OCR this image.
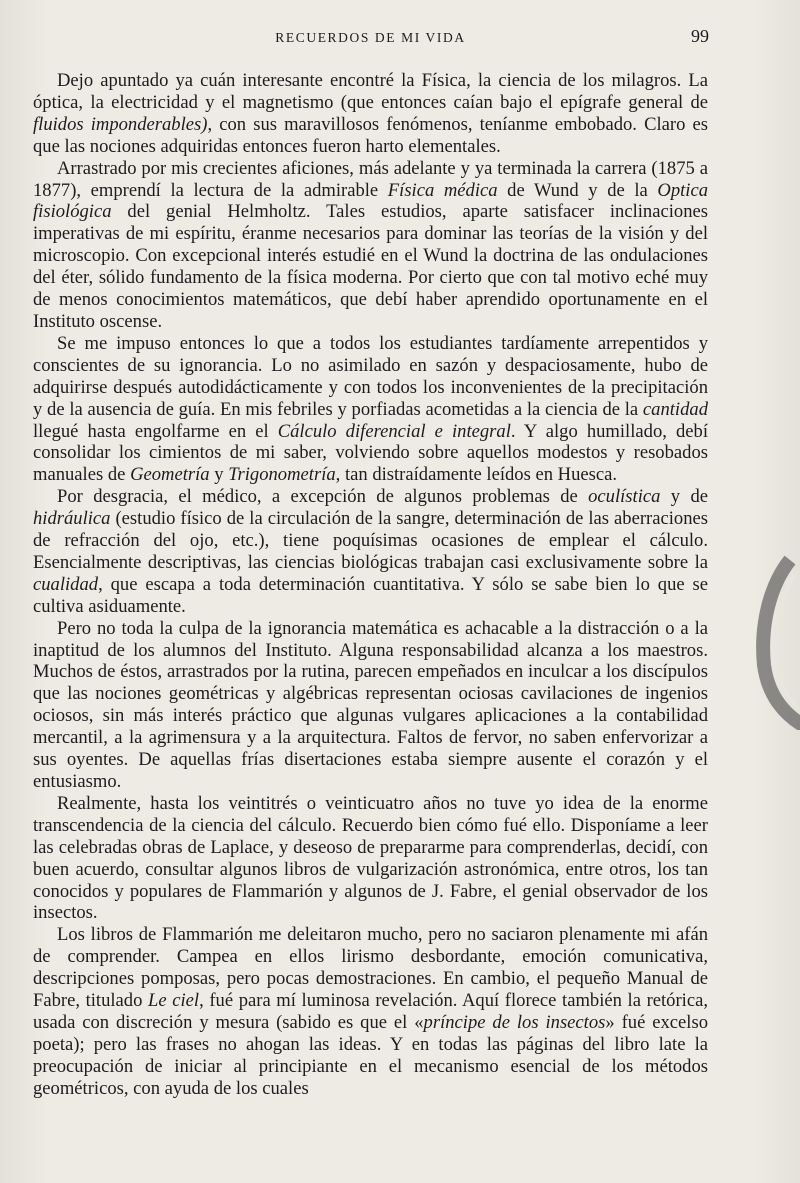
RECUERDOS DE MI VIDA	99

Dejo apuntado ya cuán interesante encontré la Física, la ciencia de los milagros. La óptica, la electricidad y el magnetismo (que entonces caían bajo el epígrafe general de fluidos imponderables), con sus maravillosos fenómenos, teníanme embobado. Claro es que las nociones adquiridas entonces fueron harto elementales.

Arrastrado por mis crecientes aficiones, más adelante y ya terminada la carrera (1875 a 1877), emprendí la lectura de la admirable Física médica de Wund y de la Optica fisiológica del genial Helmholtz. Tales estudios, aparte satisfacer inclinaciones imperativas de mi espíritu, éranme necesarios para dominar las teorías de la visión y del microscopio. Con excepcional interés estudié en el Wund la doctrina de las ondulaciones del éter, sólido fundamento de la física moderna. Por cierto que con tal motivo eché muy de menos conocimientos matemáticos, que debí haber aprendido oportunamente en el Instituto oscense.

Se me impuso entonces lo que a todos los estudiantes tardíamente arrepentidos y conscientes de su ignorancia. Lo no asimilado en sazón y despaciosamente, hubo de adquirirse después autodidácticamente y con todos los inconvenientes de la precipitación y de la ausencia de guía. En mis febriles y porfiadas acometidas a la ciencia de la cantidad llegué hasta engolfarme en el Cálculo diferencial e integral. Y algo humillado, debí consolidar los cimientos de mi saber, volviendo sobre aquellos modestos y resobados manuales de Geometría y Trigonometría, tan distraídamente leídos en Huesca.

Por desgracia, el médico, a excepción de algunos problemas de oculística y de hidráulica (estudio físico de la circulación de la sangre, determinación de las aberraciones de refracción del ojo, etc.), tiene poquísimas ocasiones de emplear el cálculo. Esencialmente descriptivas, las ciencias biológicas trabajan casi exclusivamente sobre la cualidad, que escapa a toda determinación cuantitativa. Y sólo se sabe bien lo que se cultiva asiduamente.

Pero no toda la culpa de la ignorancia matemática es achacable a la distracción o a la inaptitud de los alumnos del Instituto. Alguna responsabilidad alcanza a los maestros. Muchos de éstos, arrastrados por la rutina, parecen empeñados en inculcar a los discípulos que las nociones geométricas y algébricas representan ociosas cavilaciones de ingenios ociosos, sin más interés práctico que algunas vulgares aplicaciones a la contabilidad mercantil, a la agrimensura y a la arquitectura. Faltos de fervor, no saben enfervorizar a sus oyentes. De aquellas frías disertaciones estaba siempre ausente el corazón y el entusiasmo.

Realmente, hasta los veintitrés o veinticuatro años no tuve yo idea de la enorme transcendencia de la ciencia del cálculo. Recuerdo bien cómo fué ello. Disponíame a leer las celebradas obras de Laplace, y deseoso de prepararme para comprenderlas, decidí, con buen acuerdo, consultar algunos libros de vulgarización astronómica, entre otros, los tan conocidos y populares de Flammarión y algunos de J. Fabre, el genial observador de los insectos.

Los libros de Flammarión me deleitaron mucho, pero no saciaron plenamente mi afán de comprender. Campea en ellos lirismo desbordante, emoción comunicativa, descripciones pomposas, pero pocas demostraciones. En cambio, el pequeño Manual de Fabre, titulado Le ciel, fué para mí luminosa revelación. Aquí florece también la retórica, usada con discreción y mesura (sabido es que el «príncipe de los insectos» fué excelso poeta); pero las frases no ahogan las ideas. Y en todas las páginas del libro late la preocupación de iniciar al principiante en el mecanismo esencial de los métodos geométricos, con ayuda de los cuales
